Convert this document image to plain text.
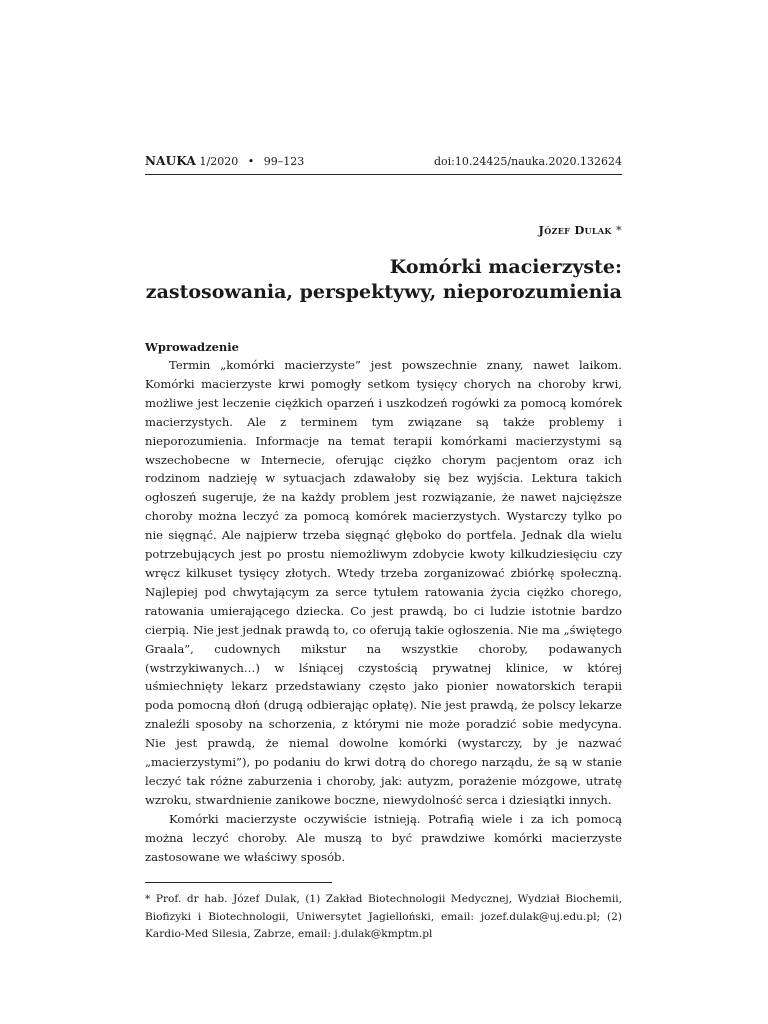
NAUKA 1/2020 • 99–123	doi:10.24425/nauka.2020.132624
Józef Dulak *
Komórki macierzyste:
zastosowania, perspektywy, nieporozumienia
Wprowadzenie

Termin „komórki macierzyste” jest powszechnie znany, nawet laikom. Komórki macierzyste krwi pomogły setkom tysięcy chorych na choroby krwi, możliwe jest leczenie ciężkich oparzeń i uszkodzeń rogówki za pomocą komórek macierzystych. Ale z terminem tym związane są także problemy i nieporozumienia. Informacje na temat terapii komórkami macierzystymi są wszechobecne w Internecie, oferując ciężko chorym pacjentom oraz ich rodzinom nadzieję w sytuacjach zdawałoby się bez wyjścia. Lektura takich ogłoszeń sugeruje, że na każdy problem jest rozwiązanie, że nawet najcięższe choroby można leczyć za pomocą komórek macierzystych. Wystarczy tylko po nie sięgnąć. Ale najpierw trzeba sięgnąć głęboko do portfela. Jednak dla wielu potrzebujących jest po prostu niemożliwym zdobycie kwoty kilkudziesięciu czy wręcz kilkuset tysięcy złotych. Wtedy trzeba zorganizować zbiórkę społeczną. Najlepiej pod chwytającym za serce tytułem ratowania życia ciężko chorego, ratowania umierającego dziecka. Co jest prawdą, bo ci ludzie istotnie bardzo cierpią. Nie jest jednak prawdą to, co oferują takie ogłoszenia. Nie ma „świętego Graala”, cudownych mikstur na wszystkie choroby, podawanych (wstrzykiwanych…) w lśniącej czystością prywatnej klinice, w której uśmiechnięty lekarz przedstawiany często jako pionier nowatorskich terapii poda pomocną dłoń (drugą odbierając opłatę). Nie jest prawdą, że polscy lekarze znaleźli sposoby na schorzenia, z którymi nie może poradzić sobie medycyna. Nie jest prawdą, że niemal dowolne komórki (wystarczy, by je nazwać „macierzystymi”), po podaniu do krwi dotrą do chorego narządu, że są w stanie leczyć tak różne zaburzenia i choroby, jak: autyzm, porażenie mózgowe, utratę wzroku, stwardnienie zanikowe boczne, niewydolność serca i dziesiątki innych.

Komórki macierzyste oczywiście istnieją. Potrafią wiele i za ich pomocą można leczyć choroby. Ale muszą to być prawdziwe komórki macierzyste zastosowane we właściwy sposób.

* Prof. dr hab. Józef Dulak, (1) Zakład Biotechnologii Medycznej, Wydział Biochemii, Biofizyki i Biotechnologii, Uniwersytet Jagielloński, email: jozef.dulak@uj.edu.pl; (2) Kardio-Med Silesia, Zabrze, email: j.dulak@kmptm.pl
